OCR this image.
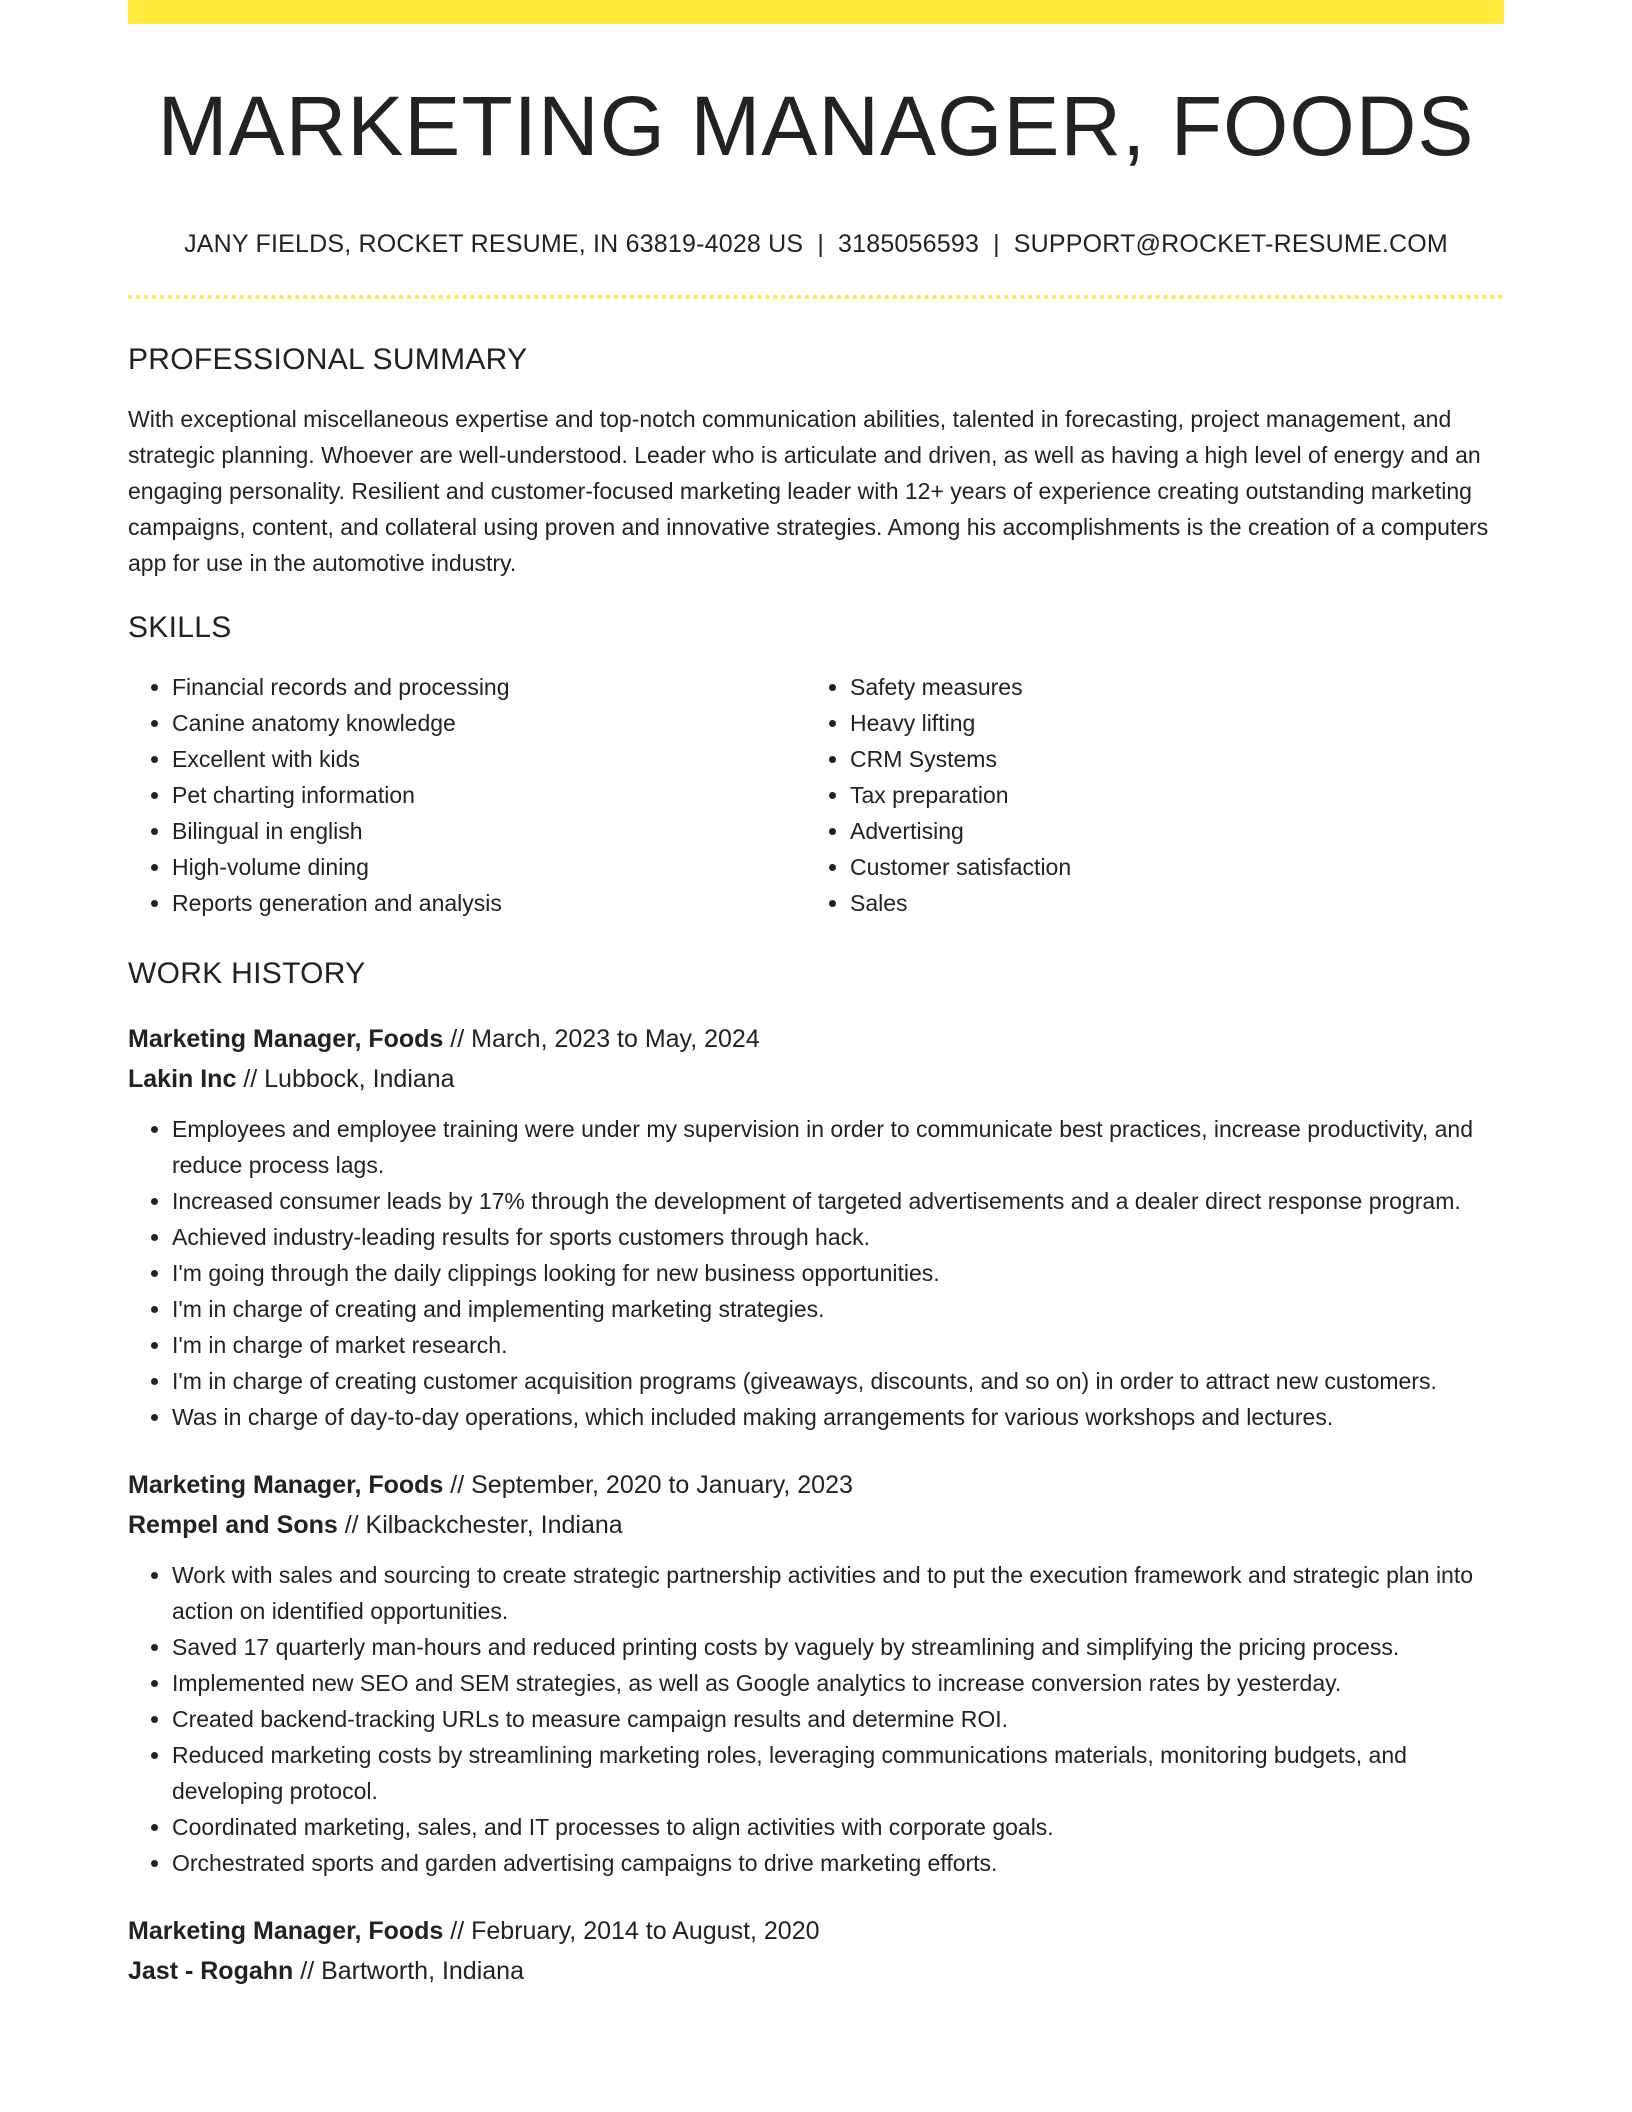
MARKETING MANAGER, FOODS
JANY FIELDS, ROCKET RESUME, IN 63819-4028 US | 3185056593 | SUPPORT@ROCKET-RESUME.COM
PROFESSIONAL SUMMARY

With exceptional miscellaneous expertise and top-notch communication abilities, talented in forecasting, project management, and strategic planning. Whoever are well-understood. Leader who is articulate and driven, as well as having a high level of energy and an engaging personality. Resilient and customer-focused marketing leader with 12+ years of experience creating outstanding marketing campaigns, content, and collateral using proven and innovative strategies. Among his accomplishments is the creation of a computers app for use in the automotive industry.

SKILLS
• Financial records and processing
• Canine anatomy knowledge
• Excellent with kids
• Pet charting information
• Bilingual in english
• High-volume dining
• Reports generation and analysis
• Safety measures
• Heavy lifting
• CRM Systems
• Tax preparation
• Advertising
• Customer satisfaction
• Sales
WORK HISTORY
Marketing Manager, Foods // March, 2023 to May, 2024
Lakin Inc // Lubbock, Indiana
• Employees and employee training were under my supervision in order to communicate best practices, increase productivity, and reduce process lags.
• Increased consumer leads by 17% through the development of targeted advertisements and a dealer direct response program.
• Achieved industry-leading results for sports customers through hack.
• I'm going through the daily clippings looking for new business opportunities.
• I'm in charge of creating and implementing marketing strategies.
• I'm in charge of market research.
• I'm in charge of creating customer acquisition programs (giveaways, discounts, and so on) in order to attract new customers.
• Was in charge of day-to-day operations, which included making arrangements for various workshops and lectures.
Marketing Manager, Foods // September, 2020 to January, 2023
Rempel and Sons // Kilbackchester, Indiana
• Work with sales and sourcing to create strategic partnership activities and to put the execution framework and strategic plan into action on identified opportunities.
• Saved 17 quarterly man-hours and reduced printing costs by vaguely by streamlining and simplifying the pricing process.
• Implemented new SEO and SEM strategies, as well as Google analytics to increase conversion rates by yesterday.
• Created backend-tracking URLs to measure campaign results and determine ROI.
• Reduced marketing costs by streamlining marketing roles, leveraging communications materials, monitoring budgets, and developing protocol.
• Coordinated marketing, sales, and IT processes to align activities with corporate goals.
• Orchestrated sports and garden advertising campaigns to drive marketing efforts.
Marketing Manager, Foods // February, 2014 to August, 2020
Jast - Rogahn // Bartworth, Indiana
